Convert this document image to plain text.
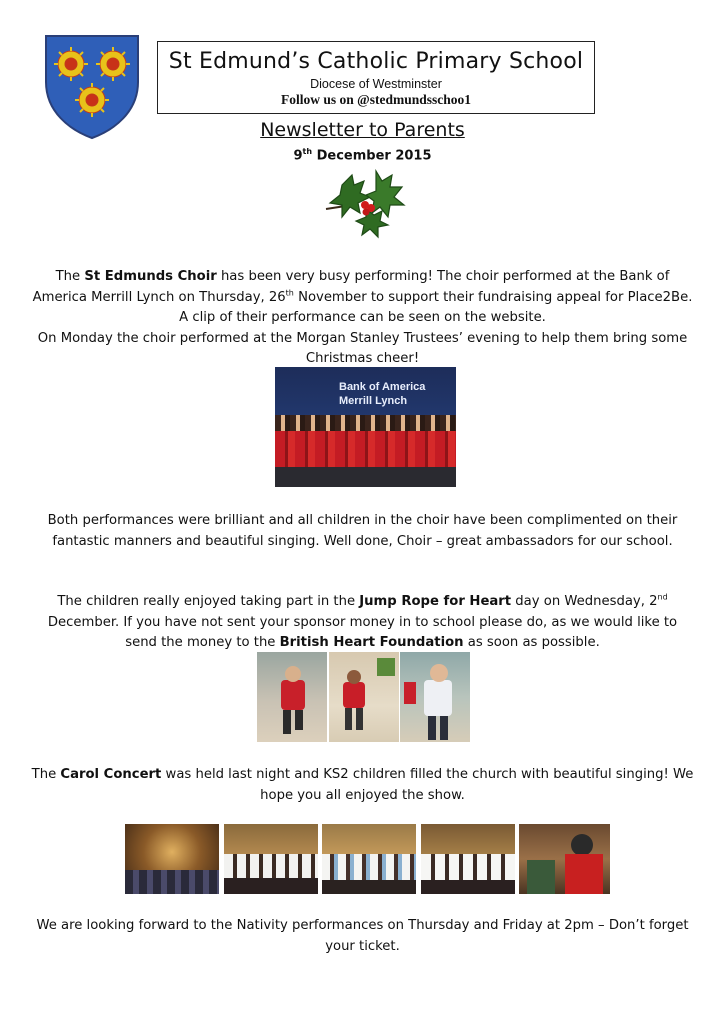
St Edmund’s Catholic Primary School
Diocese of Westminster
Follow us on @stedmundsschoo1
Newsletter to Parents
9th December 2015
The St Edmunds Choir has been very busy performing! The choir performed at the Bank of America Merrill Lynch on Thursday, 26th November to support their fundraising appeal for Place2Be. A clip of their performance can be seen on the website.
On Monday the choir performed at the Morgan Stanley Trustees’ evening to help them bring some Christmas cheer!
Bank of America
Merrill Lynch
Both performances were brilliant and all children in the choir have been complimented on their fantastic manners and beautiful singing. Well done, Choir – great ambassadors for our school.
The children really enjoyed taking part in the Jump Rope for Heart day on Wednesday, 2nd December. If you have not sent your sponsor money in to school please do, as we would like to send the money to the British Heart Foundation as soon as possible.
The Carol Concert was held last night and KS2 children filled the church with beautiful singing! We hope you all enjoyed the show.
We are looking forward to the Nativity performances on Thursday and Friday at 2pm – Don’t forget your ticket.
